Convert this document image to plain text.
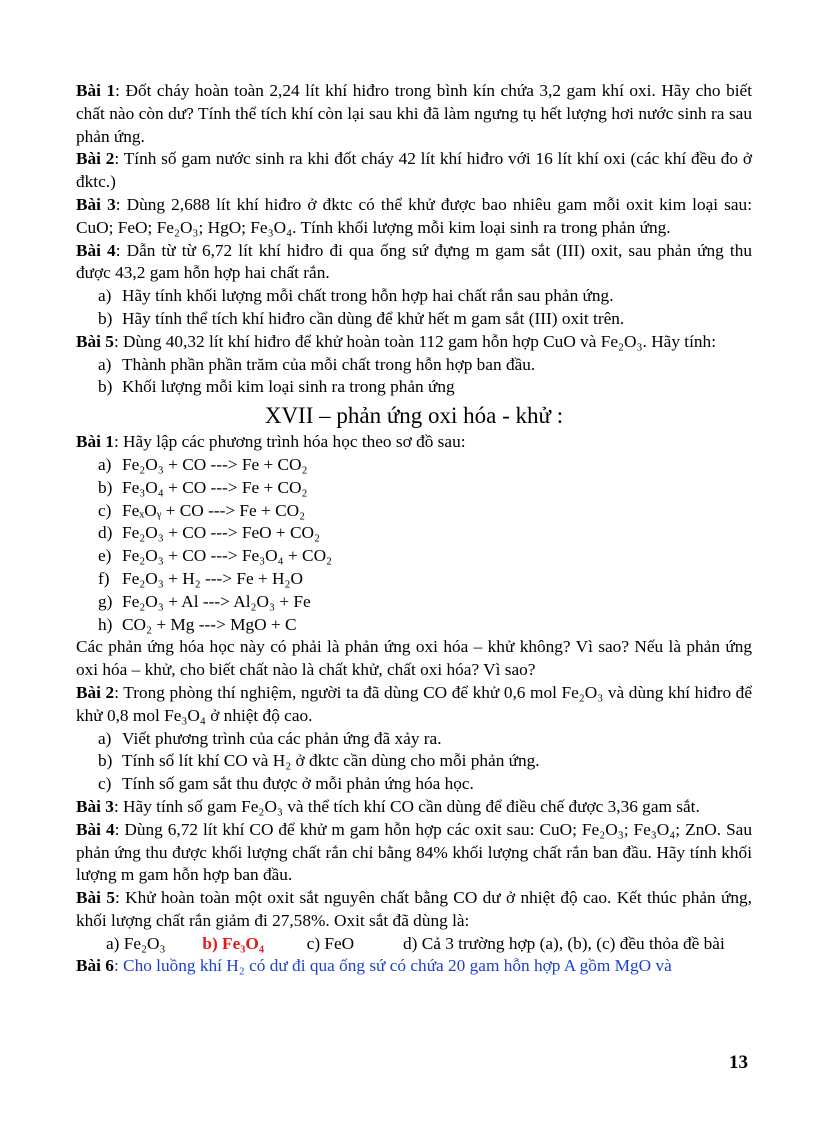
Bài 1: Đốt cháy hoàn toàn 2,24 lít khí hiđro trong bình kín chứa 3,2 gam khí oxi. Hãy cho biết chất nào còn dư? Tính thể tích khí còn lại sau khi đã làm ngưng tụ hết lượng hơi nước sinh ra sau phản ứng.

Bài 2: Tính số gam nước sinh ra khi đốt cháy 42 lít khí hiđro với 16 lít khí oxi (các khí đều đo ở đktc.)

Bài 3: Dùng 2,688 lít khí hiđro ở đktc có thể khử được bao nhiêu gam mỗi oxit kim loại sau: CuO; FeO; Fe₂O₃; HgO; Fe₃O₄. Tính khối lượng mỗi kim loại sinh ra trong phản ứng.

Bài 4: Dẫn từ từ 6,72 lít khí hiđro đi qua ống sứ đựng m gam sắt (III) oxit, sau phản ứng thu được 43,2 gam hỗn hợp hai chất rắn.

a) Hãy tính khối lượng mỗi chất trong hỗn hợp hai chất rắn sau phản ứng.

b) Hãy tính thể tích khí hiđro cần dùng để khử hết m gam sắt (III) oxit trên.

Bài 5: Dùng 40,32 lít khí hiđro để khử hoàn toàn 112 gam hỗn hợp CuO và Fe₂O₃. Hãy tính:

a) Thành phần phần trăm của mỗi chất trong hỗn hợp ban đầu.

b) Khối lượng mỗi kim loại sinh ra trong phản ứng

XVII – phản ứng oxi hóa - khử :

Bài 1: Hãy lập các phương trình hóa học theo sơ đồ sau:

a) Fe₂O₃ + CO ---> Fe + CO₂

b) Fe₃O₄ + CO ---> Fe + CO₂

c) FeₓOᵧ + CO ---> Fe + CO₂

d) Fe₂O₃ + CO ---> FeO + CO₂

e) Fe₂O₃ + CO ---> Fe₃O₄ + CO₂

f) Fe₂O₃ + H₂ ---> Fe + H₂O

g) Fe₂O₃ + Al ---> Al₂O₃ + Fe

h) CO₂ + Mg ---> MgO + C

Các phản ứng hóa học này có phải là phản ứng oxi hóa – khử không? Vì sao? Nếu là phản ứng oxi hóa – khử, cho biết chất nào là chất khử, chất oxi hóa? Vì sao?

Bài 2: Trong phòng thí nghiệm, người ta đã dùng CO để khử 0,6 mol Fe₂O₃ và dùng khí hiđro để khử 0,8 mol Fe₃O₄ ở nhiệt độ cao.

a) Viết phương trình của các phản ứng đã xảy ra.

b) Tính số lít khí CO và H₂ ở đktc cần dùng cho mỗi phản ứng.

c) Tính số gam sắt thu được ở mỗi phản ứng hóa học.

Bài 3: Hãy tính số gam Fe₂O₃ và thể tích khí CO cần dùng để điều chế được 3,36 gam sắt.

Bài 4: Dùng 6,72 lít khí CO để khử m gam hỗn hợp các oxit sau: CuO; Fe₂O₃; Fe₃O₄; ZnO. Sau phản ứng thu được khối lượng chất rắn chỉ bằng 84% khối lượng chất rắn ban đầu. Hãy tính khối lượng m gam hỗn hợp ban đầu.

Bài 5: Khử hoàn toàn một oxit sắt nguyên chất bằng CO dư ở nhiệt độ cao. Kết thúc phản ứng, khối lượng chất rắn giảm đi 27,58%. Oxit sắt đã dùng là:

a) Fe₂O₃ b) Fe₃O₄ c) FeO	d) Cả 3 trường hợp (a), (b), (c) đều thỏa đề bài

Bài 6: Cho luồng khí H₂ có dư đi qua ống sứ có chứa 20 gam hỗn hợp A gồm MgO và

13
